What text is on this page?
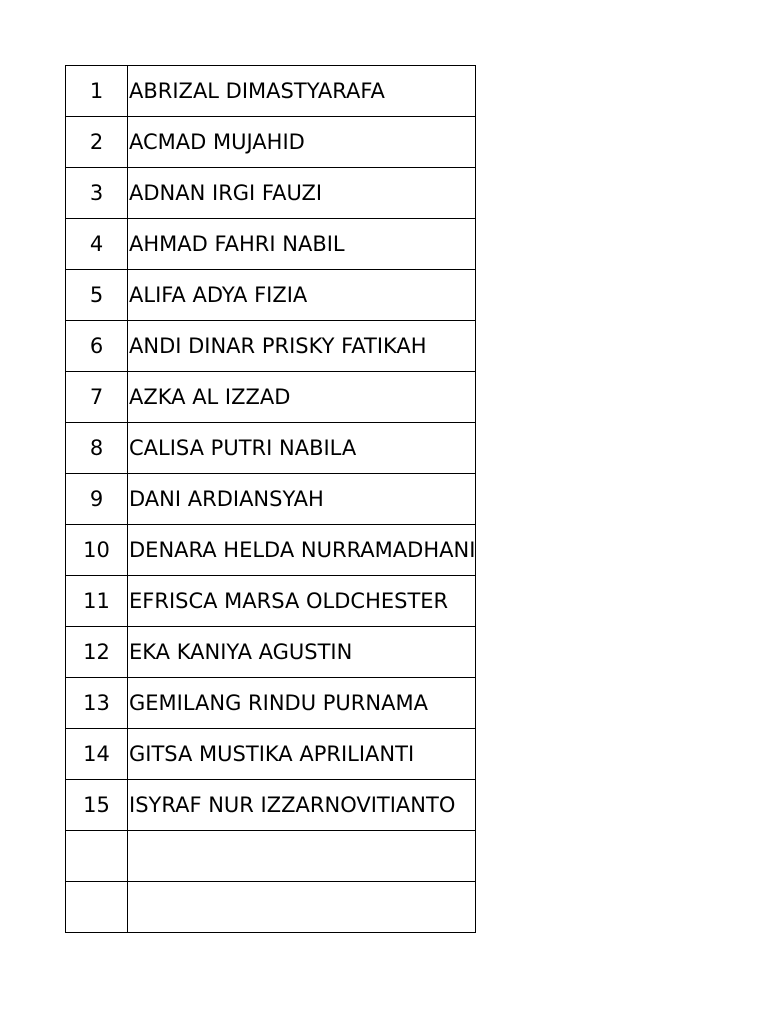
1	ABRIZAL DIMASTYARAFA
2	ACMAD MUJAHID
3	ADNAN IRGI FAUZI
4	AHMAD FAHRI NABIL
5	ALIFA ADYA FIZIA
6	ANDI DINAR PRISKY FATIKAH
7	AZKA AL IZZAD
8	CALISA PUTRI NABILA
9	DANI ARDIANSYAH
10	DENARA HELDA NURRAMADHANI
11	EFRISCA MARSA OLDCHESTER
12	EKA KANIYA AGUSTIN
13	GEMILANG RINDU PURNAMA
14	GITSA MUSTIKA APRILIANTI
15	ISYRAF NUR IZZARNOVITIANTO
